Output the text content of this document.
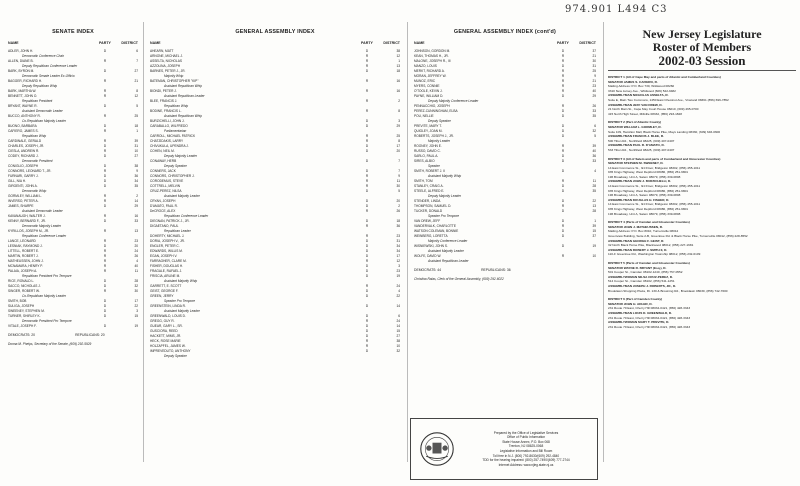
974.901 L494 C3
SENATE INDEX
NAME	PARTY	DISTRICT
ADLER, JOHN H.	D	6
Democratic Conference Chair
ALLEN, DIANE B.	R	7
Deputy Republican Conference Leader
BARK, BYRON M.	D	27
Democratic Senate Leader Ex-Officio
BAGGER, RICHARD H.	R	21
Deputy Republican Whip
BARK, MARTHA W.	R	8
BENNETT, JOHN O.	R	12
Republican President
BRYANT, WAYNE R.	D	5
Assistant Democratic Leader
BUCCO, ANTHONY R.	R	25
Co-Republican Majority Leader
BUONO, BARBARA	D	18
CAFIERO, JAMES S.	R	1
Republican Whip
CARDINALE, GERALD	R	39
CHARLES, JOSEPH, JR.	D	31
CIESLA, ANDREW R.	R	10
CODEY, RICHARD J.	D	27
Democratic President
CONIGLIO, JOSEPH	D	38
CONNORS, LEONARD T., JR.	R	9
FURNARI, GARRY J.	D	36
GILL, NIA H.	D	34
GIRGENTI, JOHN A.	D	35
Democratic Whip
GORMLEY, WILLIAM L.	R	2
INVERSO, PETER A.	R	14
JAMES, SHARPE	D	29
Assistant Democratic Leader
KAVANAUGH, WALTER J.	R	16
KENNY, BERNARD F., JR.	D	33
Democratic Majority Leader
KYRILLOS, JOSEPH M., JR.	R	13
Republican Conference Leader
LANCE, LEONARD	R	23
LESNIAK, RAYMOND J.	D	20
LITTELL, ROBERT E.	R	24
MARTIN, ROBERT J.	R	26
MATHEUSSEN, JOHN J.	R	4
MCNAMARA, HENRY P.	R	40
PALAIA, JOSEPH A.	R	11
Republican President Pro Tempore
RICE, RONALD L.	D	28
SACCO, NICHOLAS J.	D	32
SINGER, ROBERT W.	R	30
Co-Republican Majority Leader
SMITH, BOB	D	17
SULIGA, JOSEPH	D	22
SWEENEY, STEPHEN M.	D	3
TURNER, SHIRLEY K.	D	15
Democratic President Pro Tempore
VITALE, JOSEPH F.	D	19
DEMOCRATS: 20	REPUBLICANS: 20
Donna M. Phelps, Secretary of the Senate, (609) 292-5929
GENERAL ASSEMBLY INDEX
NAME	PARTY	DISTRICT
AHEARN, MATT	D	38
ARNONE, MICHAEL J.	R	12
ASSELTA, NICHOLAS	R	1
AZZOLINA, JOSEPH	R	13
BARNES, PETER J., JR.	D	18
Majority Whip
BATEMAN, CHRISTOPHER "KIP"	R	16
Assistant Republican Whip
BIONDI, PETER J.	R	16
Assistant Republican Leader
BLEE, FRANCIS J.	R	2
Republican Whip
BODINE, FRANCIS L.	R	8
Assistant Republican Whip
BURZICHELLI, JOHN J.	D	3
CARABALLO, WILFREDO	D	29
Parliamentarian
CARROLL, MICHAEL PATRICK	R	25
CHATZIDAKIS, LARRY	R	8
CHIVUKULA, UPENDRA J.	D	17
COHEN, NEIL M.	D	20
Deputy Majority Leader
CONAWAY, HERB	D	7
Deputy Speaker
CONNERS, JACK	D	7
CONNORS, CHRISTOPHER J.	R	9
CORODEMUS, STEVE	R	11
COTTRELL, MELVIN	R	30
CRUZ-PEREZ, NILSA	D	5
Assistant Majority Leader
CRYAN, JOSEPH	D	20
D'AMATO, PAUL R.	D	2
DeCROCE, ALEX	R	26
Republican Conference Leader
DIEGNAN, PATRICK J., JR.	D	18
DIGAETANO, PAUL	R	36
Republican Leader
DOHERTY, MICHAEL J.	R	23
DORIA, JOSEPH V., JR.	D	31
ENGLER, PETER C.	D	34
EDWARDS, WILLIS M.	D	34
EGAN, JOSEPH V.	D	17
FARRAGHER, CLARE M.	R	12
FISHER, DOUGLAS H.	D	3
FRAGALE, RAFAEL J.	D	23
FRISCIA, ARLINE M.	D	19
Assistant Majority Whip
GARRETT, E. SCOTT	R	24
GEIST, GEORGE F.	D	4
GREEN, JERRY	D	22
Speaker Pro Tempore
GREENSTEIN, LINDA R.	D	14
Assistant Majority Leader
GREENWALD, LOUIS D.	D	6
GREGG, GUY R.	R	24
GUEAR, GARY L., SR.	D	14
GUSCIORA, REED	D	15
HACKETT, MIMS, JR.	D	27
HECK, ROSE MARIE	R	38
HOLZAPFEL, JAMES W.	R	10
IMPREVEDUTO, ANTHONY	D	32
Deputy Speaker
GENERAL ASSEMBLY INDEX (cont'd)
NAME	PARTY	DISTRICT
JOHNSON, GORDON M.	D	37
KEAN, THOMAS H., JR.	R	21
MALONE, JOSEPH R., III	R	30
MANZO, LOUIS	D	31
MERKT, RICHARD A.	R	25
MORAN, JEFFREY W.	R	9
MUNOZ, ERIC	R	21
MYERS, CONNIE	R	23
O'TOOLE, KEVIN J.	R	40
PAYNE, WILLIAM D.	D	29
Deputy Majority Conference Leader
PENNACCHIO, JOSEPH	R	26
PEREZ-CUNNINGHAM, ELBA	D	33
POU, NELLIE	D	35
Deputy Speaker
PREVITE, MARY T.	D	6
QUIGLEY, JOAN M.	D	32
ROBERTS, JOSEPH J., JR.	D	5
Majority Leader
ROONEY, JOHN E.	R	39
RUSSO, DAVID C.	R	40
SARLO, PAUL A.	D	36
SIRES, ALBIO	D	33
Speaker
SMITH, ROBERT J. II	D	4
Assistant Majority Whip
SMITH, TOM	R	11
STANLEY, CRAIG A.	D	28
STEELE, ALFRED E.	D	35
Deputy Majority Leader
STENDER, LINDA	D	22
THOMPSON, SAMUEL D.	R	13
TUCKER, DONALD	D	28
Speaker Pro Tempore
VAN DREW, JEFF	D	1
VANDERVALK, CHARLOTTE	R	39
WATSON COLEMAN, BONNIE	D	15
WEINBERG, LORETTA	D	37
Majority Conference Leader
WISNIEWSKI, JOHN S.	D	19
Assistant Majority Leader
WOLFE, DAVID W.	R	10
Assistant Republican Leader
DEMOCRATS: 44	REPUBLICANS: 36
Christina Ralas, Clerk of the General Assembly, (609) 292-6022
Prepared by the Office of Legislative Services
Office of Public Information
State House Annex, P.O. Box 068
Trenton, NJ 08625-0068
Legislative Information and Bill Room
Toll free in N.J. (800) 792-8630/(609) 292-4840
TDD for the hearing impaired: (800) 257-7490/(609) 777-2744
Internet Address: www.njleg.state.nj.us
New Jersey Legislature
Roster of Members
2002-03 Session
DISTRICT 1 (All of Cape May and parts of Atlantic and Cumberland Counties)
SENATOR JAMES S. CAFIERO, R.
Mailing Address: P.O. Box 730, Wildwood 08260
3310 New Jersey Ave., Wildwood (609) 522-9482
ASSEMBLYMAN NICHOLAS ASSELTA, R.
Suite E, Main Two Commons, 1450 East Chestnut Ave., Vineland 08361 (856) 696-7852
ASSEMBLYMAN JEFF VAN DREW, D.
21 North Main St., Cape May Court House 08210, (609) 465-0700
415 North High Street, Millville 08332, (856) 293-1828
DISTRICT 2 (Part of Atlantic County)
SENATOR WILLIAM L. GORMLEY, R.
Suite 109, Hamilton Mall, Black Horse Pike, Mays Landing 08330, (609) 646-0600
ASSEMBLYMAN FRANCIS J. BLEE, R.
500 Tilton Rd., Northfield 08225, (609) 407-0407
ASSEMBLYMAN PAUL R. D'AMATO, D.
533 Tilton Rd., Northfield 08225, (609) 407-0407
DISTRICT 3 (All of Salem and parts of Cumberland and Gloucester Counties)
SENATOR STEPHEN M. SWEENEY, D.
14 East Commerce St., 3rd Floor, Bridgeton 08302, (856) 455-1011
935 Kings Highway, West Deptford 08086, (856) 251-9801
196 Broadway, Unit A, Salem 08079, (856) 339-0808
ASSEMBLYMAN JOHN J. BURZICHELLI, D.
14 East Commerce St., 3rd Floor, Bridgeton 08302, (856) 455-1011
935 Kings Highway, West Deptford 08086, (856) 251-9801
196 Broadway, Unit A, Salem 08079, (856) 339-0808
ASSEMBLYMAN DOUGLAS H. FISHER, D.
14 East Commerce St., 3rd Floor, Bridgeton 08302, (856) 455-1011
935 Kings Highway, West Deptford 08086, (856) 251-9801
196 Broadway, Unit A, Salem 08079, (856) 339-0808
DISTRICT 4 (Parts of Camden and Gloucester Counties)
SENATOR JOHN J. MATHEUSSEN, R.
Mailing Address: P.O. Box 8010, Turnersville 08012
Greenview Building, Suite 2-B, Greentree Rd. & Black Horse Pike, Turnersville 08012, (856) 228-8552
ASSEMBLYMAN GEORGE F. GEIST, R.
32 North Black Horse Pike, Blackwood 08012, (856) 227-1681
ASSEMBLYMAN ROBERT J. SMITH II, D.
110-F Greentree Rd., Washington Township 08012, (856) 232-6109
DISTRICT 5 (Parts of Camden and Gloucester Counties)
SENATOR WAYNE R. BRYANT (Esq.), D.
501 Cooper St., Camden 08102-1240, (856) 757-0552
ASSEMBLYWOMAN NILSA CRUZ-PEREZ, D.
514 Cooper St., Camden 08102, (856) 541-1251
ASSEMBLYMAN JOSEPH J. ROBERTS, JR., D.
Brooklawn Shopping Plaza, Rt. 130 & Browning Rd., Brooklawn 08030, (856) 742-7600
DISTRICT 6 (Part of Camden County)
SENATOR JOHN H. ADLER, D.
231 Route 70 East, Cherry Hill 08034-0421, (856) 428-3343
ASSEMBLYMAN LOUIS D. GREENWALD, D.
231 Route 70 East, Cherry Hill 08034-0421, (856) 428-3343
ASSEMBLYWOMAN MARY T. PREVITE, D.
231 Route 70 East, Cherry Hill 08034-0421, (856) 428-3343
